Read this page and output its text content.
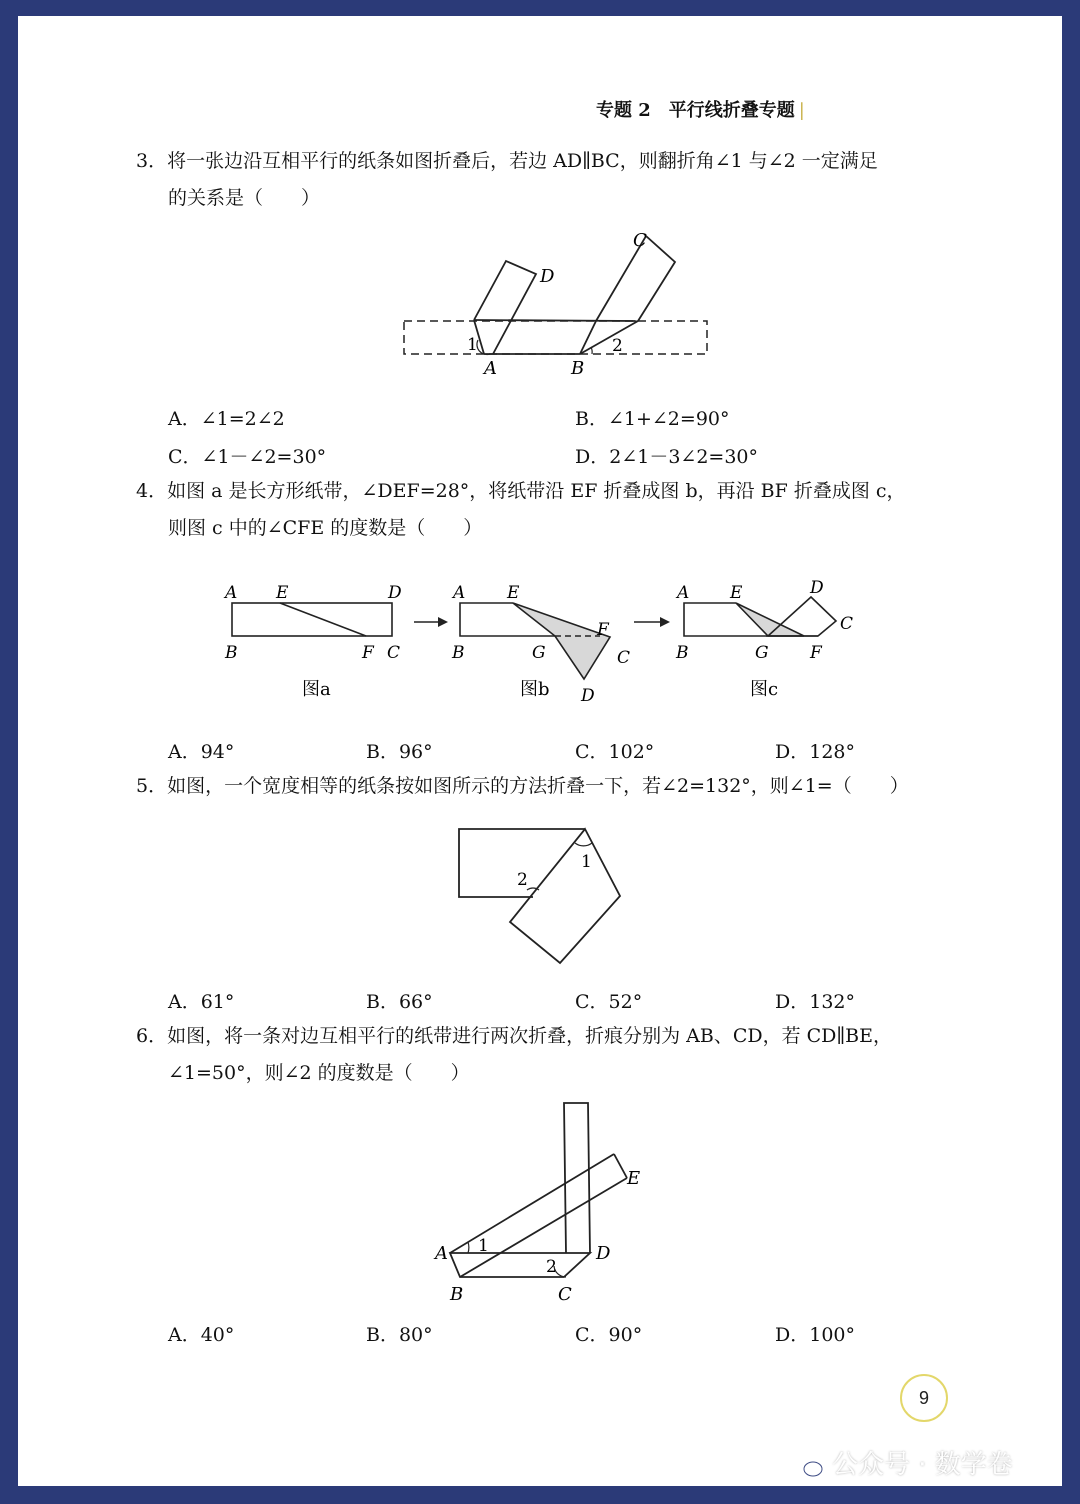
专题 2　平行线折叠专题 |
3．将一张边沿互相平行的纸条如图折叠后，若边 AD∥BC，则翻折角∠1 与∠2 一定满足
的关系是（　　）
1	2
A	B
C
D
A．∠1=2∠2	B．∠1+∠2=90°
C．∠1－∠2=30°	D．2∠1－3∠2=30°
4．如图 a 是长方形纸带，∠DEF=28°，将纸带沿 EF 折叠成图 b，再沿 BF 折叠成图 c，
则图 c 中的∠CFE 的度数是（　　）
A E	D
B	F C
图a
A E
F
C
B	G
D
图b
A E	D
C
B	G F
图c
A．94°	B．96°	C．102°	D．128°
5．如图，一个宽度相等的纸条按如图所示的方法折叠一下，若∠2=132°，则∠1=（　　）
2
1
A．61°	B．66°	C．52°	D．132°
6．如图，将一条对边互相平行的纸带进行两次折叠，折痕分别为 AB、CD，若 CD∥BE，
∠1=50°，则∠2 的度数是（　　）
1
2
A
B	C
D
E
A．40°	B．80°	C．90°	D．100°
9
公众号 · 数学卷
